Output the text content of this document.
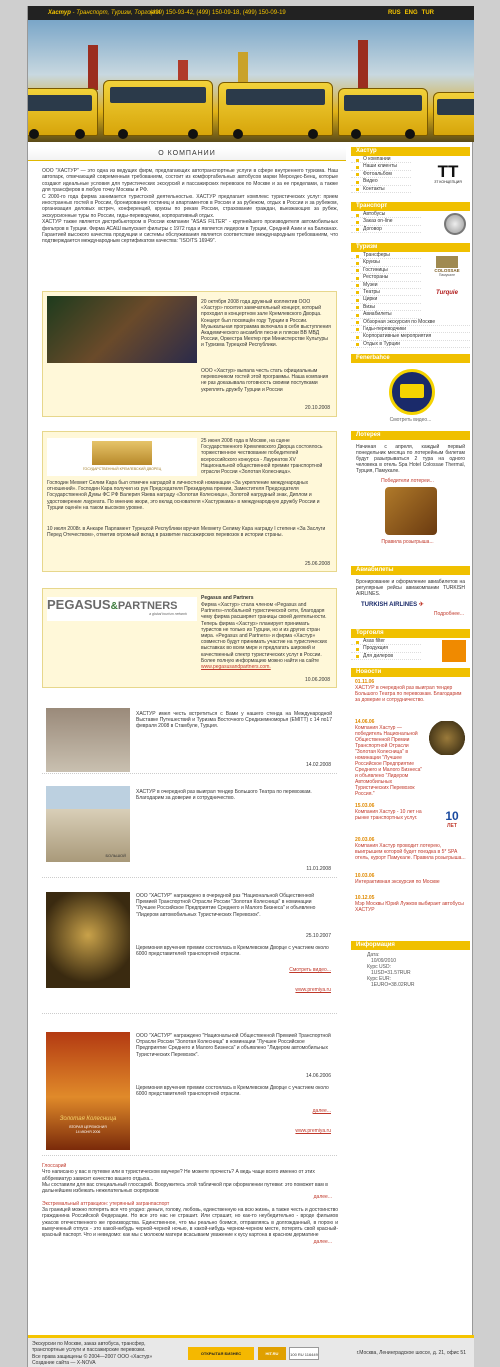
Хастур - Транспорт, Туризм, Торговля
(499) 150-93-42, (499) 150-09-18, (499) 150-09-19	RUS ENG TUR
О КОМПАНИИ

ООО "ХАСТУР" — это одна из ведущих фирм, предлагающих автотранспортные услуги в сфере внутреннего туризма. Наш автопарк, отвечающий современным требованиям, состоит из комфортабельных автобусов марки Мерседес-Бенц, которые создают идеальные условия для туристических экскурсий и пассажирских перевозок по Москве и за ее пределами, а также для трансферов в любую точку Москвы и РФ.

С 2000-го года фирма занимается туристской деятельностью. ХАСТУР предлагает комплекс туристических услуг: прием иностранных гостей в России, бронирование гостиниц и апартаментов в России и за рубежом, отдых в России и за рубежом, организация деловых встреч, конференций, круизы по рекам России, страхование граждан, выезжающих за рубеж, экскурсионные туры по России, гиды-переводчики, корпоративный отдых.

ХАСТУР также является дистрибьютором в России компании "ASAS FILTER" - крупнейшего производителя автомобильных фильтров в Турции. Фирма АСАШ выпускает фильтры с 1972 года и является лидером в Турции, Средней Азии и на Балканах. Гарантией высокого качества продукции и системы обслуживания является соответствие международным требованиям, что подтверждается международным сертификатом качества: "ISO/TS 16949".

20 октября 2008 года дружный коллектив ООО «Хастур» посетил замечательный концерт, который проходил в концертном зале Кремлевского Дворца. Концерт был посвящён году Турции в России. Музыкальная программа включала в себя выступления Академического ансамбля песни и пляски ВВ МВД России, Оркестра Мехтер при Министерстве Культуры и Туризма Турецкой Республики.
ООО «Хастур» выпала честь стать официальным перевозчиком гостей этой программы. Наша компания не раз доказывала готовность своими поступками укреплять дружбу Турции и России
20.10.2008
ГОСУДАРСТВЕННЫЙ КРЕМЛЕВСКИЙ ДВОРЕЦ
25 июня 2008 года в Москве, на сцене Государственного Кремлевского Дворца состоялось торжественное чествование победителей всероссийского конкурса - Лауреатов XV Национальной общественной премии транспортной отрасли России «Золотая Колесница».
Господин Мехмет Селим Кара был отмечен наградой в личностной номинации «За укрепление международных отношений». Господин Кара получил из рук Председателя Президиума премии, Заместителя Председателя Государственной Думы ФС РФ Валерия Язева награду «Золотая Колесница», Золотой нагрудный знак, Диплом и удостоверение лауреата. По мнению жюри, это вклад основателя «Хастуржама» в международную дружбу России и Турции оценён на таком высоком уровне.
10 июля 2008г. в Анкаре Парламент Турецкой Республики вручил Мехмету Селиму Кара награду I степени «За Заслуги Перед Отечеством», отметив огромный вклад в развитие пассажирских перевозок в истории страны.
25.06.2008
PEGASUS&PARTNERS
a global tourism network
Pegasus and Partners
Фирма «Хастур» стала членом «Pegasus and Partners»-глобальной туристической сети, благодаря чему фирма расширяет границы своей деятельности. Теперь фирма «Хастур» планирует принимать туристов не только из Турции, но и из других стран мира. «Pegasus and Partners» и фирма «Хастур» совместно будут принимать участие на туристических выставках во всем мире и предлагать широкий и качественный спектр туристических услуг в России. Более полную информацию можно найти на сайте www.pegasusandpartners.com.
10.06.2008
ХАСТУР имел честь встретиться с Вами у нашего стенда на Международной Выставке Путешествий и Туризма Восточного Средиземноморья (EMITT) с 14 по17 февраля 2008 в Стамбуле, Турция.
14.02.2008
БОЛЬШОЙ
ХАСТУР в очередной раз выиграл тендер Большого Театра по перевозкам. Благодарим за доверие и сотрудничество.
11.01.2008
ООО "ХАСТУР" награждено в очередной раз "Национальной Общественной Премией Транспортной Отрасли России "Золотая Колесница" в номинации "Лучшее Российское Предприятие Среднего и Малого Бизнеса" и объявлено "Лидером автомобильных Туристических Перевозок".
25.10.2007
Церемония вручения премии состоялась в Кремлевском Дворце с участием около 6000 представителей транспортной отрасли.
Смотреть видео...
www.premiya.ru
Золотая Колесница
ВТОРАЯ ЦЕРЕМОНИЯ
14 ИЮНЯ 2006
ООО "ХАСТУР" награждено "Национальной Общественной Премией Транспортной Отрасли России "Золотая Колесница" в номинации "Лучшее Российское Предприятие Среднего и Малого Бизнеса" и объявлено "Лидером автомобильных Туристических Перевозок".
14.06.2006
Церемония вручения премии состоялась в Кремлевском Дворце с участием около 6000 представителей транспортной отрасли.
далее...
www.premiya.ru
Глоссарий
Что написано у вас в путевке или в туристическом ваучере? Не можете прочесть? А ведь чаще всего именно от этих аббревиатур зависит качество вашего отдыха...
Мы составили для вас специальный глоссарий. Вооружитесь этой табличкой при оформлении путевки: это поможет вам в дальнейшем избежать нежелательных сюрпризов
далее...
Экстремальный аттракцион: утерянный загранпаспорт
За границей можно потерять все что угодно: деньги, голову, любовь, единственную на всю жизнь, а также честь и достоинство гражданина Российской Федерации. Но все это нас не страшит. Или страшит, но как-то неубедительно - вроде фильмов ужасов отечественного же производства. Единственное, что мы реально боимся, отправляясь в долгожданный, в порою и вымученный отпуск - это какой-нибудь черной-черной ночью, в какой-нибудь черном-черном месте, потерять свой красный-красный паспорт. Что и неведомо: как мы с молоком матери всасываем уважение к кусу картона в красном дерматине
далее...
Хастур
О компании
Наши клиенты
Фотоальбом
Видео
Контакты
ТТ
ЗТ КОНЦЕПЦИЯ
Транспорт
Автобусы
Заказ on-line
Договор
Туризм
Трансферы
Круизы
Гостиницы
Рестораны
Музеи
Театры
Цирки
Визы
Авиабилеты
Обзорная экскурсия по Москве
Гиды-переводчики
Корпоративные мероприятия
Отдых в Турции
COLOSSAE
Памукале
Turquie
Fenerbahce
Смотреть видео...
Лотерея
Начиная с апреля, каждый первый понедельник месяца по лотерейным билетам будут разыгрываться 2 тура на одного человека в отель Spa Hotel Colossae Thermal, Турция, Памукале.
Победители лотереи...
Правила розыгрыша...
Авиабилеты
Бронирование и оформление авиабилетов на регулярные рейсы авиакомпании TURKISH AIRLINES.
TURKISH AIRLINES ✈
Подробнее...
Торговля
Asas filter
Продукция
Для дилеров
Новости
01.11.06
ХАСТУР в очередной раз выиграл тендер Большого Театра по перевозкам. Благодарим за доверие и сотрудничество.
14.06.06
Компания Хастур — победитель Национальной Общественной Премии Транспортной Отрасли "Золотая Колесница" в номинации "Лучшее Российское Предприятие Среднего и Малого Бизнеса" и объявлено "Лидером Автомобильных Туристических Перевозок Россия."
15.03.06
Компания Хастур - 10 лет на рынке транспортных услуг.	10
ЛЕТ
20.03.06
Компания Хастур проводит лотерею, выигрышем которой будет поездка в 5* SPA отель, курорт Памукале. Правила розыгрыша...
10.03.06
Интерактивная экскурсия по Москве
10.12.05
Мэр Москвы Юрий Лужков выбирает автобусы ХАСТУР
Информация
Дата:
10/09/2010
Курс USD:
1USD=31.57RUR
Курс EUR:
1EURO=38.02RUR
Экскурсии по Москве, заказ автобуса, трансфер,
транспортные услуги и пассажирские перевозки.
Все права защищены © 2004—2007 ООО «Хастур»
Создание сайта — X-NOVA
ОТКРЫТАЯ БИЗНЕС	HIT.RU	100 RU 116449	г.Москва, Ленинградское шоссе, д. 21, офис 51
